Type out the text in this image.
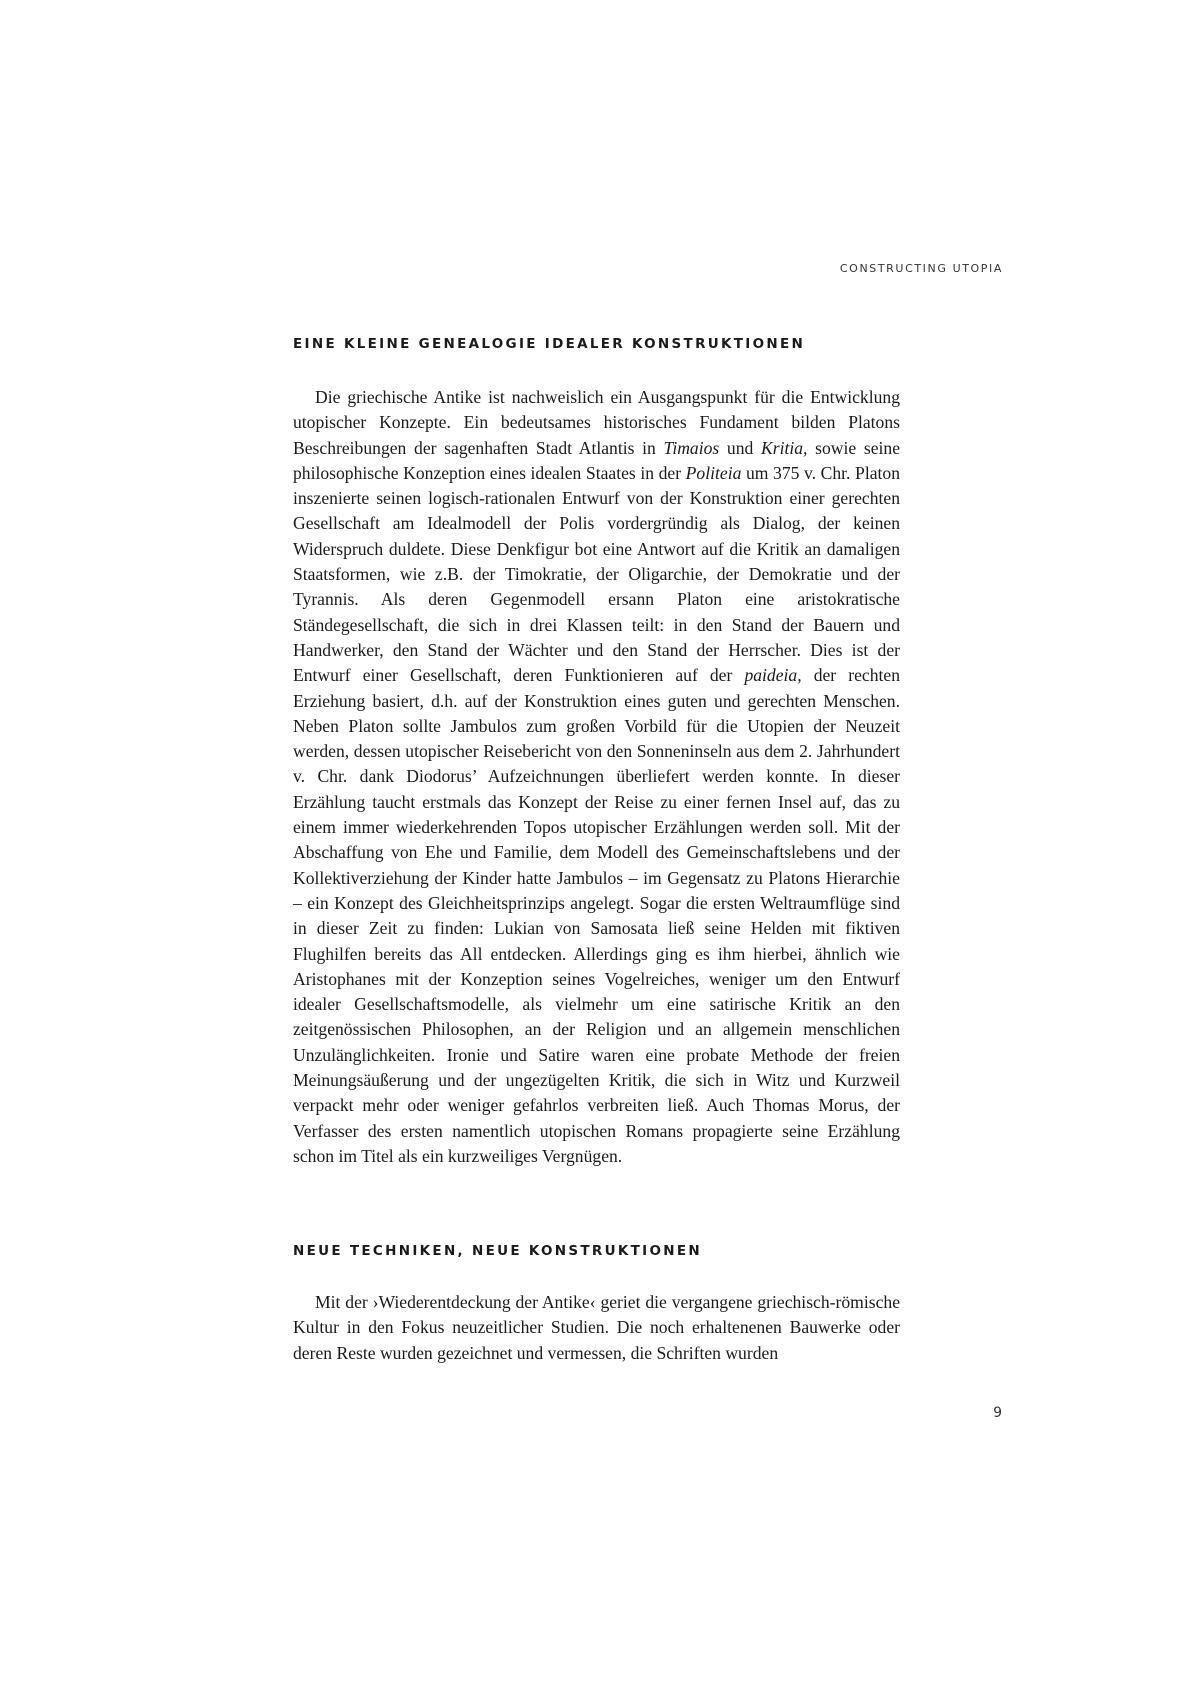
CONSTRUCTING UTOPIA
EINE KLEINE GENEALOGIE IDEALER KONSTRUKTIONEN

Die griechische Antike ist nachweislich ein Ausgangspunkt für die Entwicklung utopischer Konzepte. Ein bedeutsames historisches Fundament bilden Platons Beschreibungen der sagenhaften Stadt Atlantis in Timaios und Kritia, sowie seine philosophische Konzeption eines idealen Staates in der Politeia um 375 v. Chr. Platon inszenierte seinen logisch-rationalen Entwurf von der Konstruktion einer gerechten Gesellschaft am Idealmodell der Polis vordergründig als Dialog, der keinen Widerspruch duldete. Diese Denkfigur bot eine Antwort auf die Kritik an damaligen Staatsformen, wie z.B. der Timokratie, der Oligarchie, der Demokratie und der Tyrannis. Als deren Gegenmodell ersann Platon eine aristokratische Ständegesellschaft, die sich in drei Klassen teilt: in den Stand der Bauern und Handwerker, den Stand der Wächter und den Stand der Herrscher. Dies ist der Entwurf einer Gesellschaft, deren Funktionieren auf der paideia, der rechten Erziehung basiert, d.h. auf der Konstruktion eines guten und gerechten Menschen. Neben Platon sollte Jambulos zum großen Vorbild für die Utopien der Neuzeit werden, dessen utopischer Reisebericht von den Sonneninseln aus dem 2. Jahrhundert v. Chr. dank Diodorus’ Aufzeichnungen überliefert werden konnte. In dieser Erzählung taucht erstmals das Konzept der Reise zu einer fernen Insel auf, das zu einem immer wiederkehrenden Topos utopischer Erzählungen werden soll. Mit der Abschaffung von Ehe und Familie, dem Modell des Gemeinschaftslebens und der Kollektiverziehung der Kinder hatte Jambulos – im Gegensatz zu Platons Hierarchie – ein Konzept des Gleichheitsprinzips angelegt. Sogar die ersten Weltraumflüge sind in dieser Zeit zu finden: Lukian von Samosata ließ seine Helden mit fiktiven Flughilfen bereits das All entdecken. Allerdings ging es ihm hierbei, ähnlich wie Aristophanes mit der Konzeption seines Vogelreiches, weniger um den Entwurf idealer Gesellschaftsmodelle, als vielmehr um eine satirische Kritik an den zeitgenössischen Philosophen, an der Religion und an allgemein menschlichen Unzulänglichkeiten. Ironie und Satire waren eine probate Methode der freien Meinungsäußerung und der ungezügelten Kritik, die sich in Witz und Kurzweil verpackt mehr oder weniger gefahrlos verbreiten ließ. Auch Thomas Morus, der Verfasser des ersten namentlich utopischen Romans propagierte seine Erzählung schon im Titel als ein kurzweiliges Vergnügen.

NEUE TECHNIKEN, NEUE KONSTRUKTIONEN

Mit der ›Wiederentdeckung der Antike‹ geriet die vergangene griechisch-römische Kultur in den Fokus neuzeitlicher Studien. Die noch erhaltenenen Bauwerke oder deren Reste wurden gezeichnet und vermessen, die Schriften wurden

9
